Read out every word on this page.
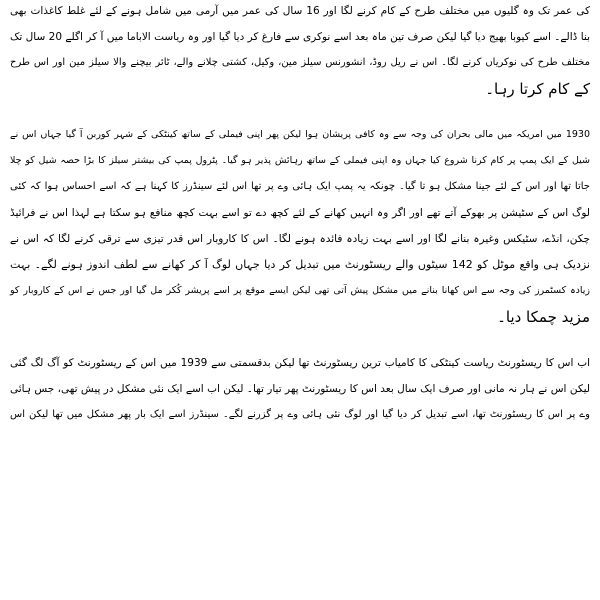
کی عمر تک وہ گلیوں میں مختلف طرح کے کام کرنے لگا اور 16 سال کی عمر میں آرمی میں شامل ہونے کے لئے غلط کاغذات بھی
بنا ڈالے۔ اسے کیوبا بھیج دیا گیا لیکن صرف تین ماہ بعد اسے نوکری سے فارغ کر دیا گیا اور وہ ریاست الاباما میں آ کر اگلے 20 سال تک
مختلف طرح کی نوکریاں کرنے لگا۔ اس نے ریل روڈ، انشورنس سیلز مین، وکیل، کشتی چلانے والے، ٹائر بیچنے والا سیلز مین اور اس طرح
کے کام کرتا رہا۔
1930 میں امریکہ میں مالی بحران کی وجہ سے وہ کافی پریشان ہوا لیکن پھر اپنی فیملی کے ساتھ کینٹکی کے شہر کوربن آ گیا جہاں اس نے
شیل کے ایک پمپ پر کام کرنا شروع کیا جہاں وہ اپنی فیملی کے ساتھ رہائش پذیر ہو گیا۔ پٹرول پمپ کی بیشتر سیلز کا بڑا حصہ شیل کو چلا
جاتا تھا اور اس کے لئے جینا مشکل ہو تا گیا۔ چونکہ یہ پمپ ایک ہائی وے پر تھا اس لئے سینڈرز کا کہنا ہے کہ اسے احساس ہوا کہ کئی
لوگ اس کے سٹیشن پر بھوکے آتے تھے اور اگر وہ انہیں کھانے کے لئے کچھ دے تو اسے بہت کچھ منافع ہو سکتا ہے لہذا اس نے فرائیڈ
چکن، انڈے، سٹیکس وغیرہ بنانے لگا اور اسے بہت زیادہ فائدہ ہونے لگا۔ اس کا کاروبار اس قدر تیزی سے ترقی کرنے لگا کہ اس نے
نزدیک ہی واقع موٹل کو 142 سیٹوں والے ریسٹورنٹ میں تبدیل کر دیا جہاں لوگ آ کر کھانے سے لطف اندوز ہونے لگے۔ بہت
زیادہ کسٹمرز کی وجہ سے اس کھانا بنانے میں مشکل پیش آتی تھی لیکن ایسے موقع پر اسے پریشر کُکر مل گیا اور جس نے اس کے کاروبار کو
مزید چمکا دیا۔
اب اس کا ریسٹورنٹ ریاست کینٹکی کا کامیاب ترین ریسٹورنٹ تھا لیکن بدقسمتی سے 1939 میں اس کے ریسٹورنٹ کو آگ لگ گئی
لیکن اس نے ہار نہ مانی اور صرف ایک سال بعد اس کا ریسٹورنٹ پھر تیار تھا۔ لیکن اب اسے ایک نئی مشکل در پیش تھی، جس ہائی
وے پر اس کا ریسٹورنٹ تھا، اسے تبدیل کر دیا گیا اور لوگ نئی ہائی وے پر گزرنے لگے۔ سینڈرز اسے ایک بار پھر مشکل میں تھا لیکن اس
